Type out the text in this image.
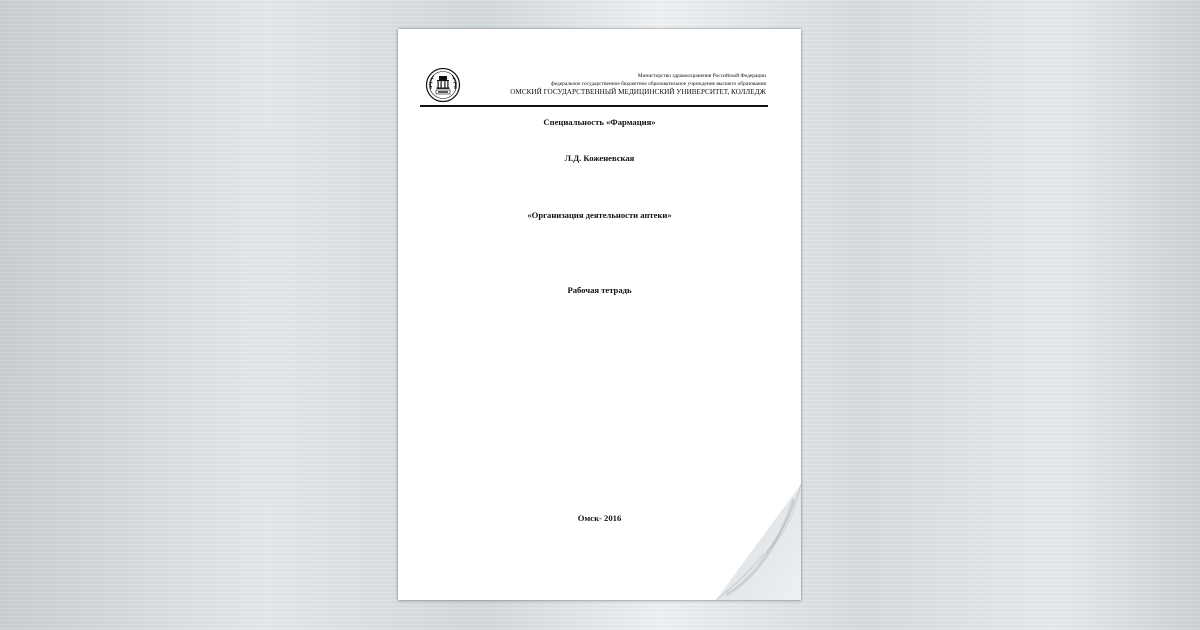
Министерство здравоохранения Российской Федерации
федеральное государственное бюджетное образовательное учреждение высшего образования
ОМСКИЙ ГОСУДАРСТВЕННЫЙ МЕДИЦИНСКИЙ УНИВЕРСИТЕТ, КОЛЛЕДЖ
Специальность «Фармация»
Л.Д. Коженевская
«Организация деятельности аптеки»
Рабочая тетрадь
Омск- 2016
